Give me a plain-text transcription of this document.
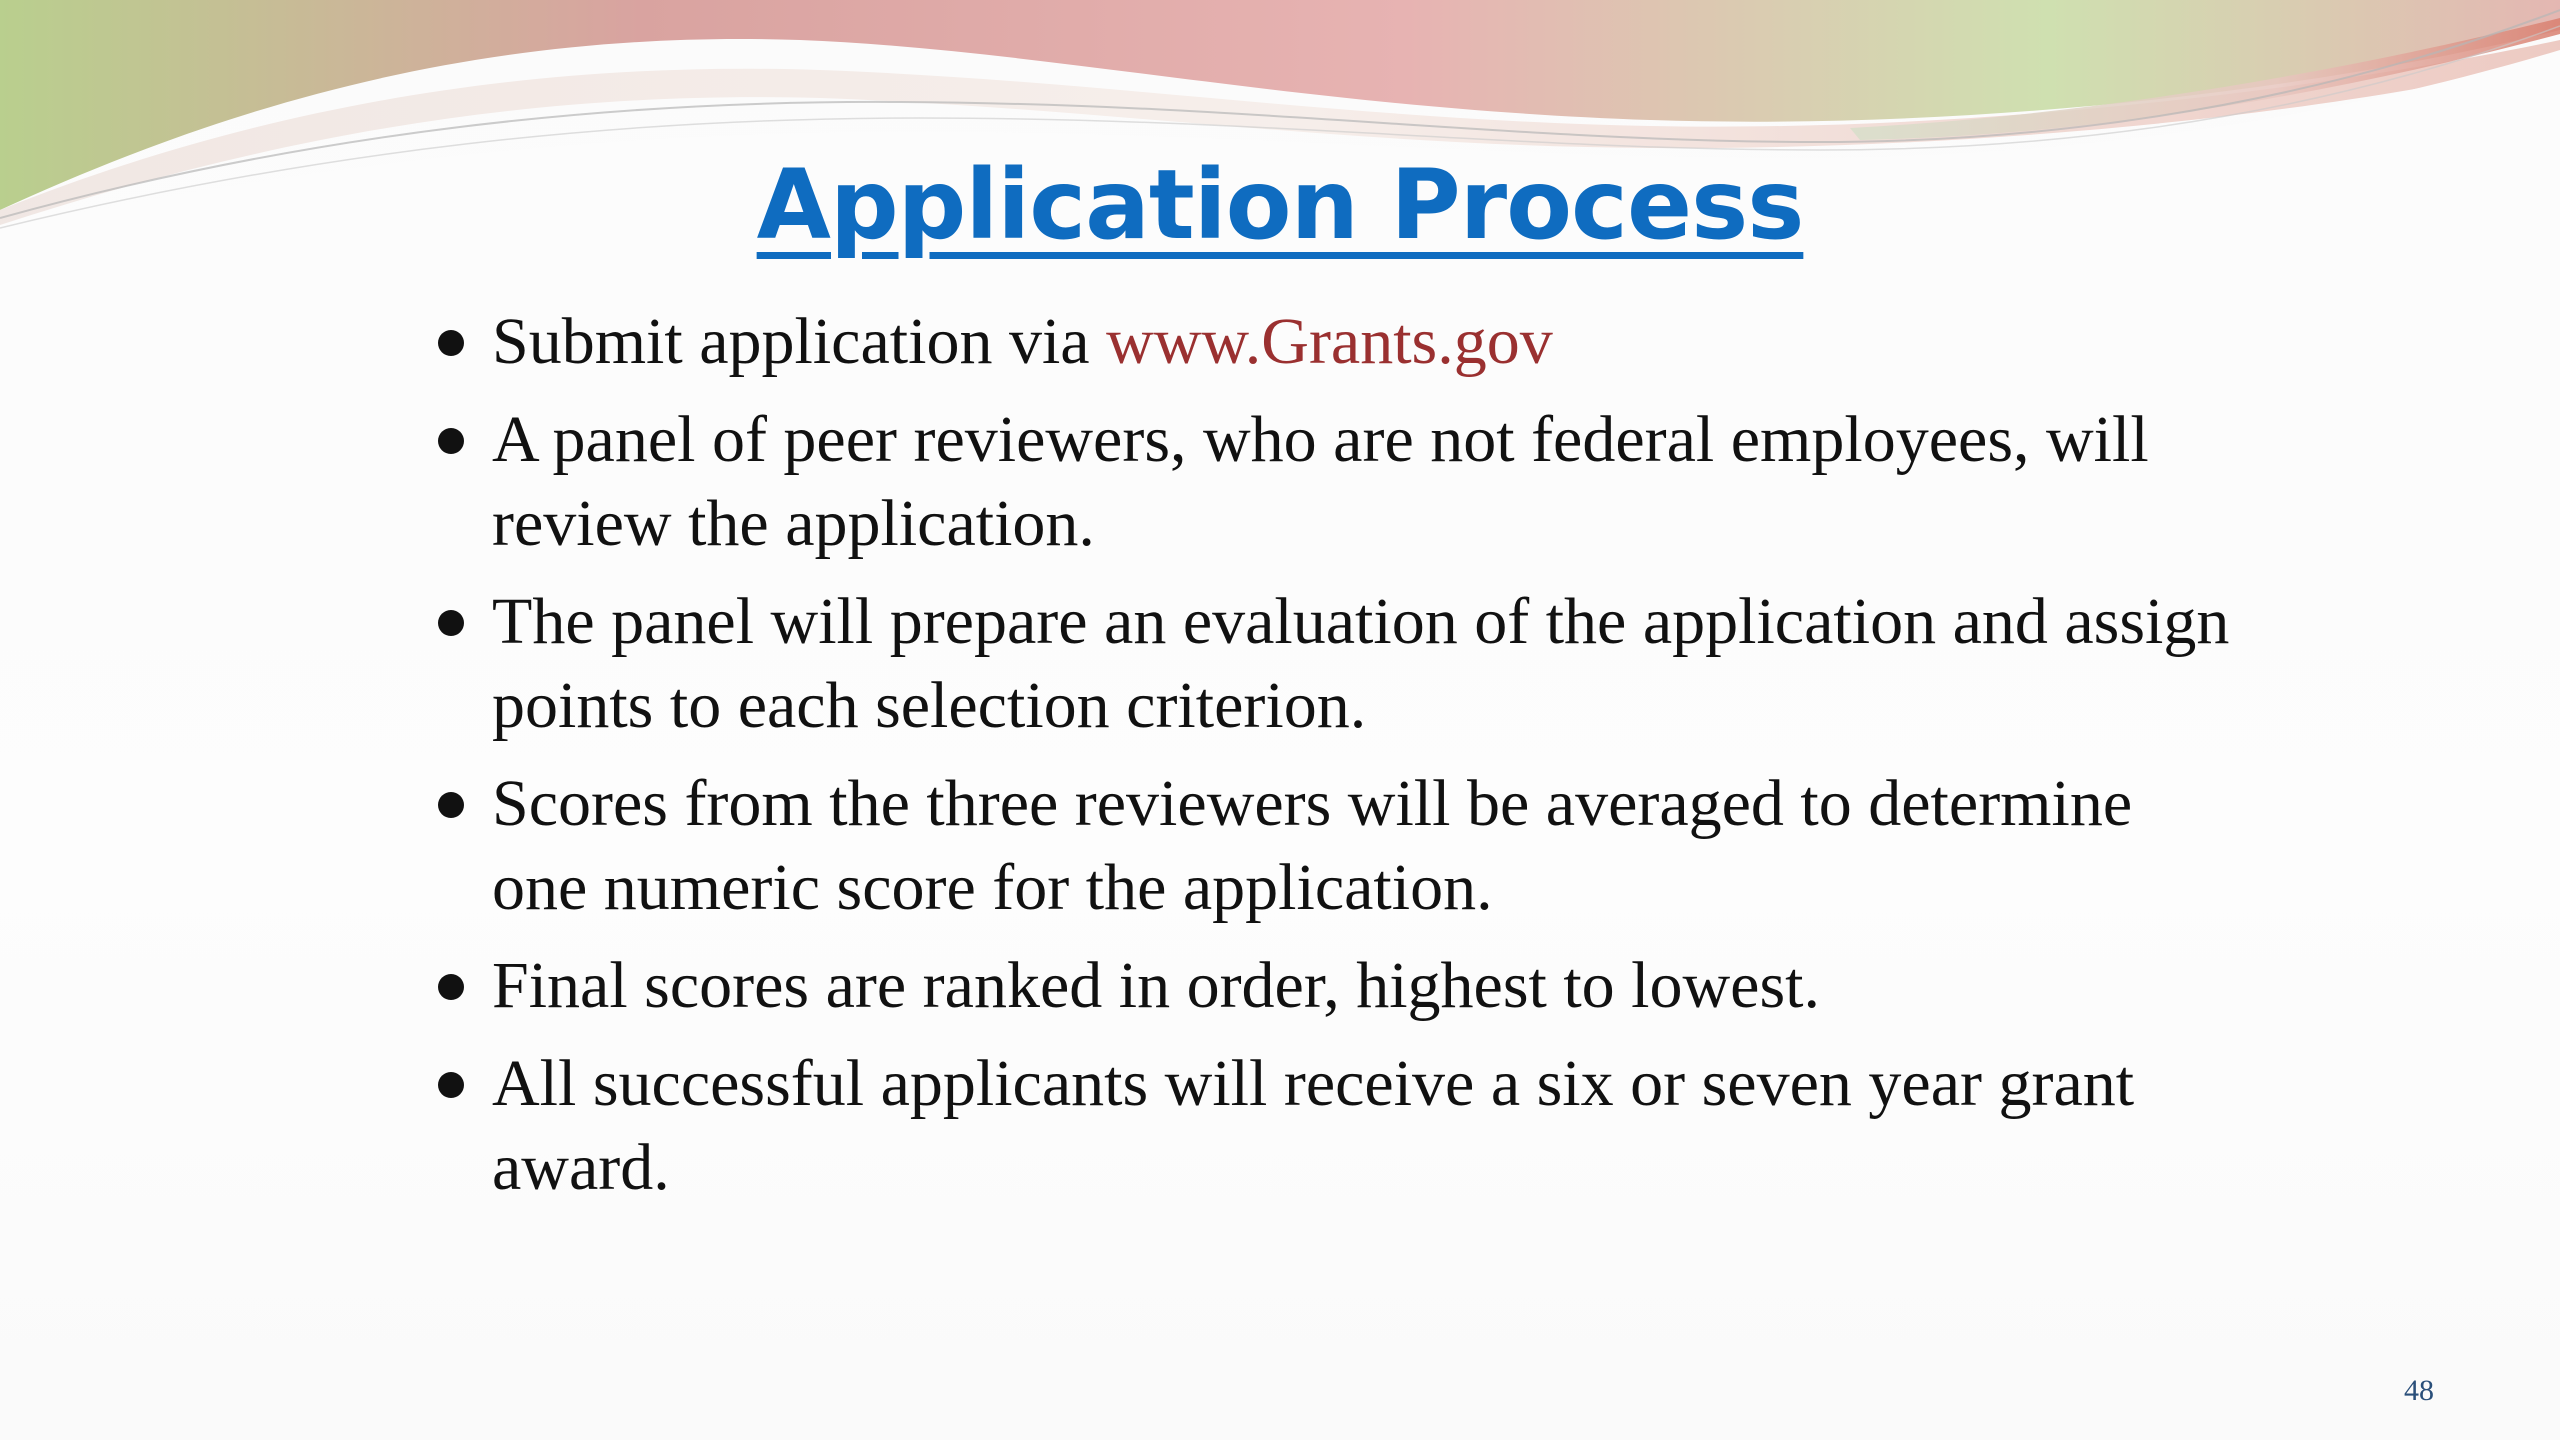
Application Process
Submit application via www.Grants.gov
A panel of peer reviewers, who are not federal employees, will review the application.
The panel will prepare an evaluation of the application and assign points to each selection criterion.
Scores from the three reviewers will be averaged to determine one numeric score for the application.
Final scores are ranked in order, highest to lowest.
All successful applicants will receive a six or seven year grant award.
48
